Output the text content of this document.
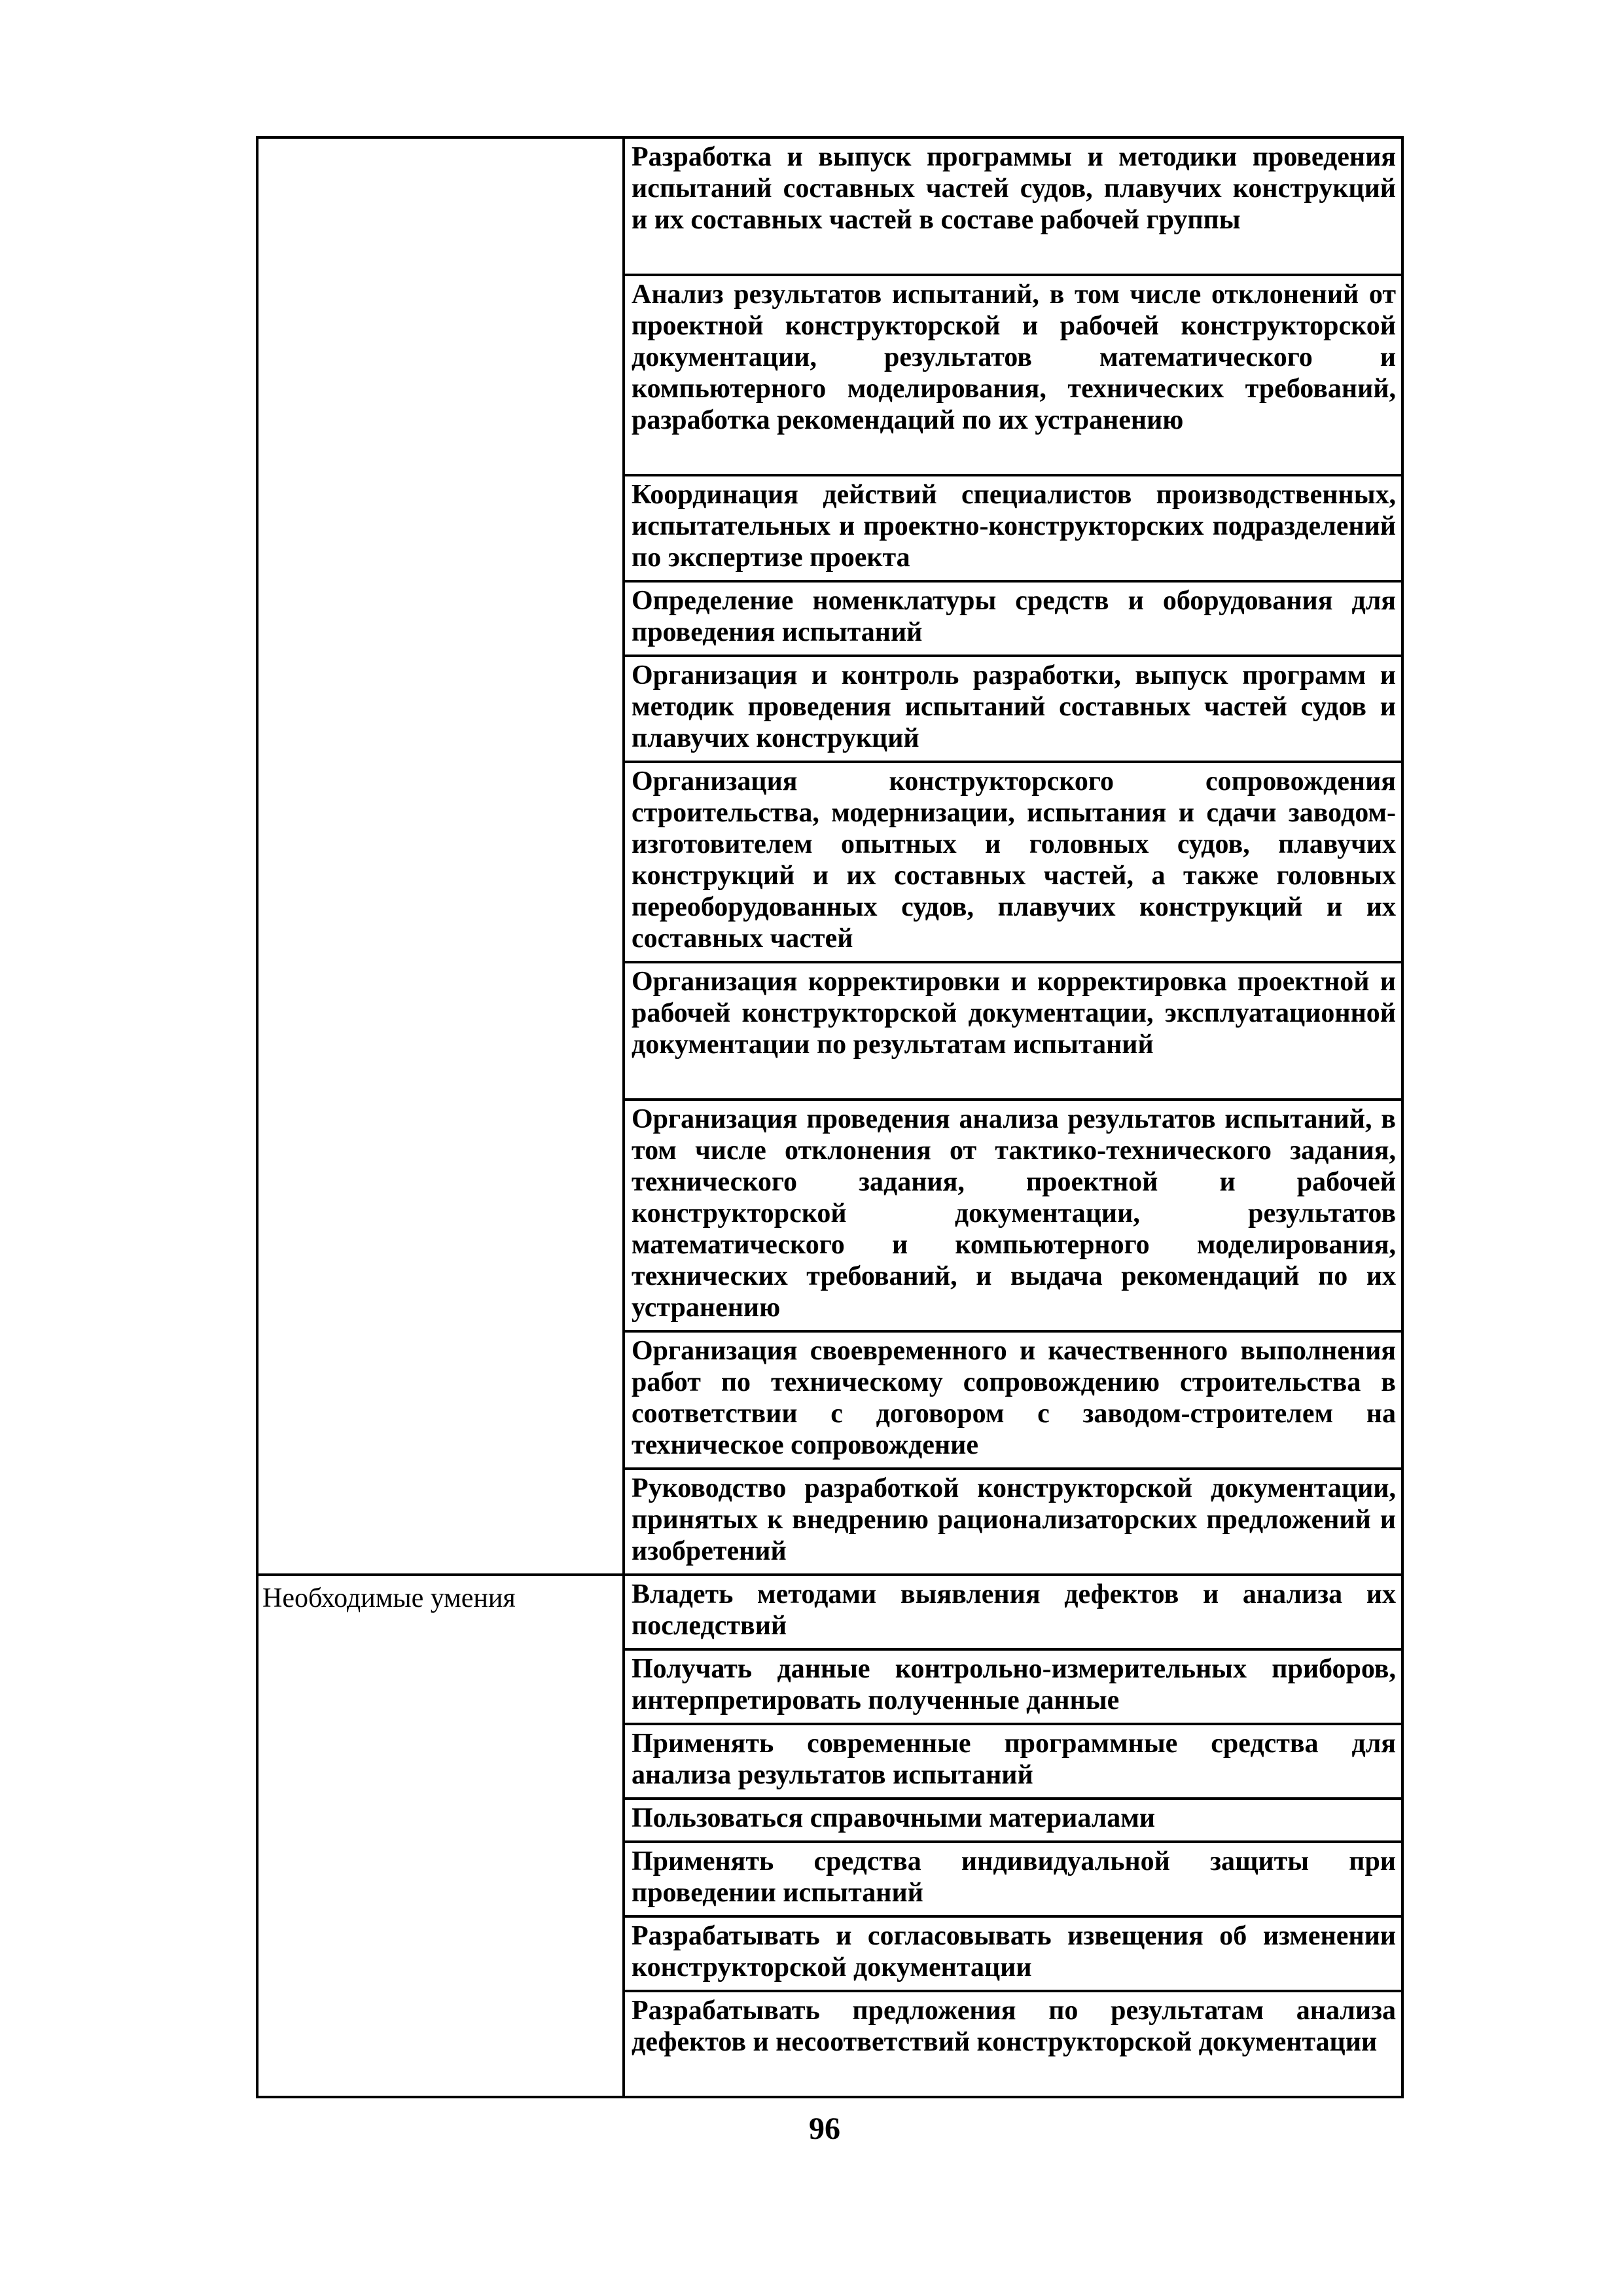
	Разработка и выпуск программы и методики проведения испытаний составных частей судов, плавучих конструкций и их составных частей в составе рабочей группы

	Анализ результатов испытаний, в том числе отклонений от проектной конструкторской и рабочей конструкторской документации, результатов математического и компьютерного моделирования, технических требований, разработка рекомендаций по их устранению

	Координация действий специалистов производственных, испытательных и проектно-конструкторских подразделений по экспертизе проекта

	Определение номенклатуры средств и оборудования для проведения испытаний

	Организация и контроль разработки, выпуск программ и методик проведения испытаний составных частей судов и плавучих конструкций

	Организация конструкторского сопровождения строительства, модернизации, испытания и сдачи заводом-изготовителем опытных и головных судов, плавучих конструкций и их составных частей, а также головных переоборудованных судов, плавучих конструкций и их составных частей

	Организация корректировки и корректировка проектной и рабочей конструкторской документации, эксплуатационной документации по результатам испытаний

	Организация проведения анализа результатов испытаний, в том числе отклонения от тактико-технического задания, технического задания, проектной и рабочей конструкторской документации, результатов математического и компьютерного моделирования, технических требований, и выдача рекомендаций по их устранению

	Организация своевременного и качественного выполнения работ по техническому сопровождению строительства в соответствии с договором с заводом-строителем на техническое сопровождение

	Руководство разработкой конструкторской документации, принятых к внедрению рационализаторских предложений и изобретений

Необходимые умения	Владеть методами выявления дефектов и анализа их последствий

	Получать данные контрольно-измерительных приборов, интерпретировать полученные данные

	Применять современные программные средства для анализа результатов испытаний

	Пользоваться справочными материалами

	Применять средства индивидуальной защиты при проведении испытаний

	Разрабатывать и согласовывать извещения об изменении конструкторской документации

	Разрабатывать предложения по результатам анализа дефектов и несоответствий конструкторской документации
96
